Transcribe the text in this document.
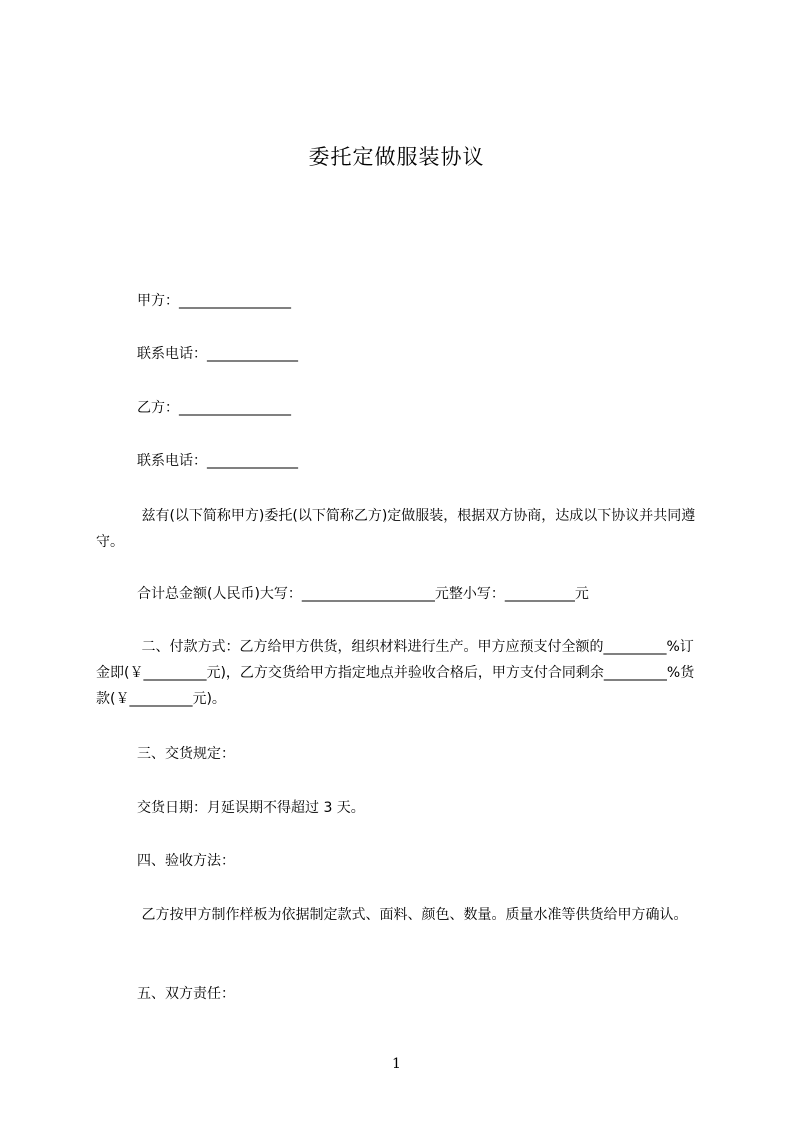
委托定做服装协议
甲方：________________
联系电话：_____________
乙方：________________
联系电话：_____________
兹有(以下简称甲方)委托(以下简称乙方)定做服装，根据双方协商，达成以下协议并共同遵守。
合计总金额(人民币)大写：___________________元整小写：__________元
二、付款方式：乙方给甲方供货，组织材料进行生产。甲方应预支付全额的_________%订金即(￥_________元)，乙方交货给甲方指定地点并验收合格后，甲方支付合同剩余_________%货款(￥_________元)。
三、交货规定：
交货日期：月延误期不得超过 3 天。
四、验收方法：
乙方按甲方制作样板为依据制定款式、面料、颜色、数量。质量水准等供货给甲方确认。
五、双方责任：
1
